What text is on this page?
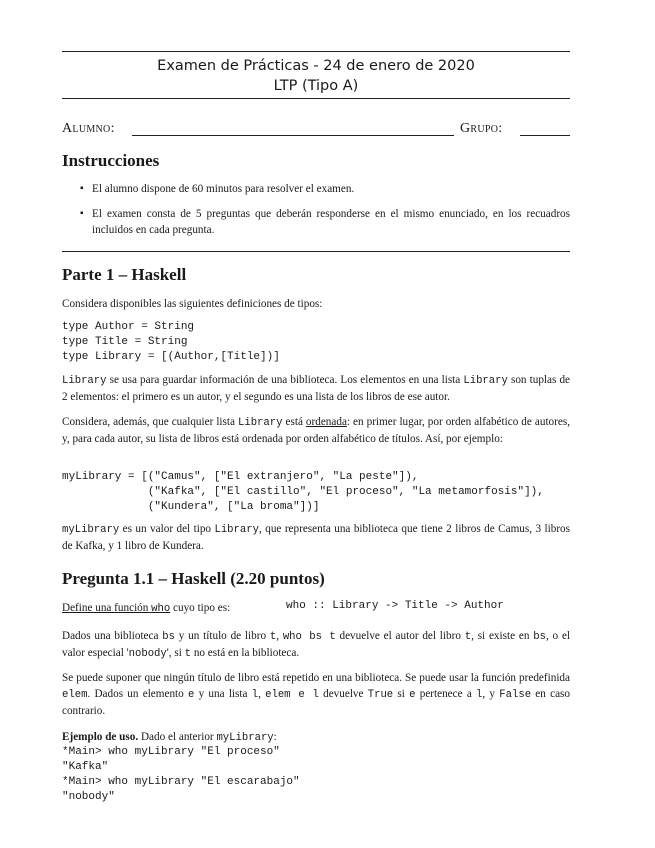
Examen de Prácticas - 24 de enero de 2020
LTP (Tipo A)
Alumno:	Grupo:
Instrucciones
▪ El alumno dispone de 60 minutos para resolver el examen.
▪ El examen consta de 5 preguntas que deberán responderse en el mismo enunciado, en los recuadros incluidos en cada pregunta.
Parte 1 – Haskell
Considera disponibles las siguientes definiciones de tipos:
type Author = String
type Title = String
type Library = [(Author,[Title])]
Library se usa para guardar información de una biblioteca. Los elementos en una lista Library son tuplas de 2 elementos: el primero es un autor, y el segundo es una lista de los libros de ese autor.
Considera, además, que cualquier lista Library está ordenada: en primer lugar, por orden alfabético de autores, y, para cada autor, su lista de libros está ordenada por orden alfabético de títulos. Así, por ejemplo:
myLibrary = [("Camus", ["El extranjero", "La peste"]),
("Kafka", ["El castillo", "El proceso", "La metamorfosis"]),
("Kundera", ["La broma"])]
myLibrary es un valor del tipo Library, que representa una biblioteca que tiene 2 libros de Camus, 3 libros de Kafka, y 1 libro de Kundera.
Pregunta 1.1 – Haskell (2.20 puntos)
Define una función who cuyo tipo es:	who :: Library -> Title -> Author
Dados una biblioteca bs y un título de libro t, who bs t devuelve el autor del libro t, si existe en bs, o el valor especial 'nobody', si t no está en la biblioteca.
Se puede suponer que ningún título de libro está repetido en una biblioteca. Se puede usar la función predefinida elem. Dados un elemento e y una lista l, elem e l devuelve True si e pertenece a l, y False en caso contrario.
Ejemplo de uso. Dado el anterior myLibrary:
*Main> who myLibrary "El proceso"
"Kafka"
*Main> who myLibrary "El escarabajo"
"nobody"
